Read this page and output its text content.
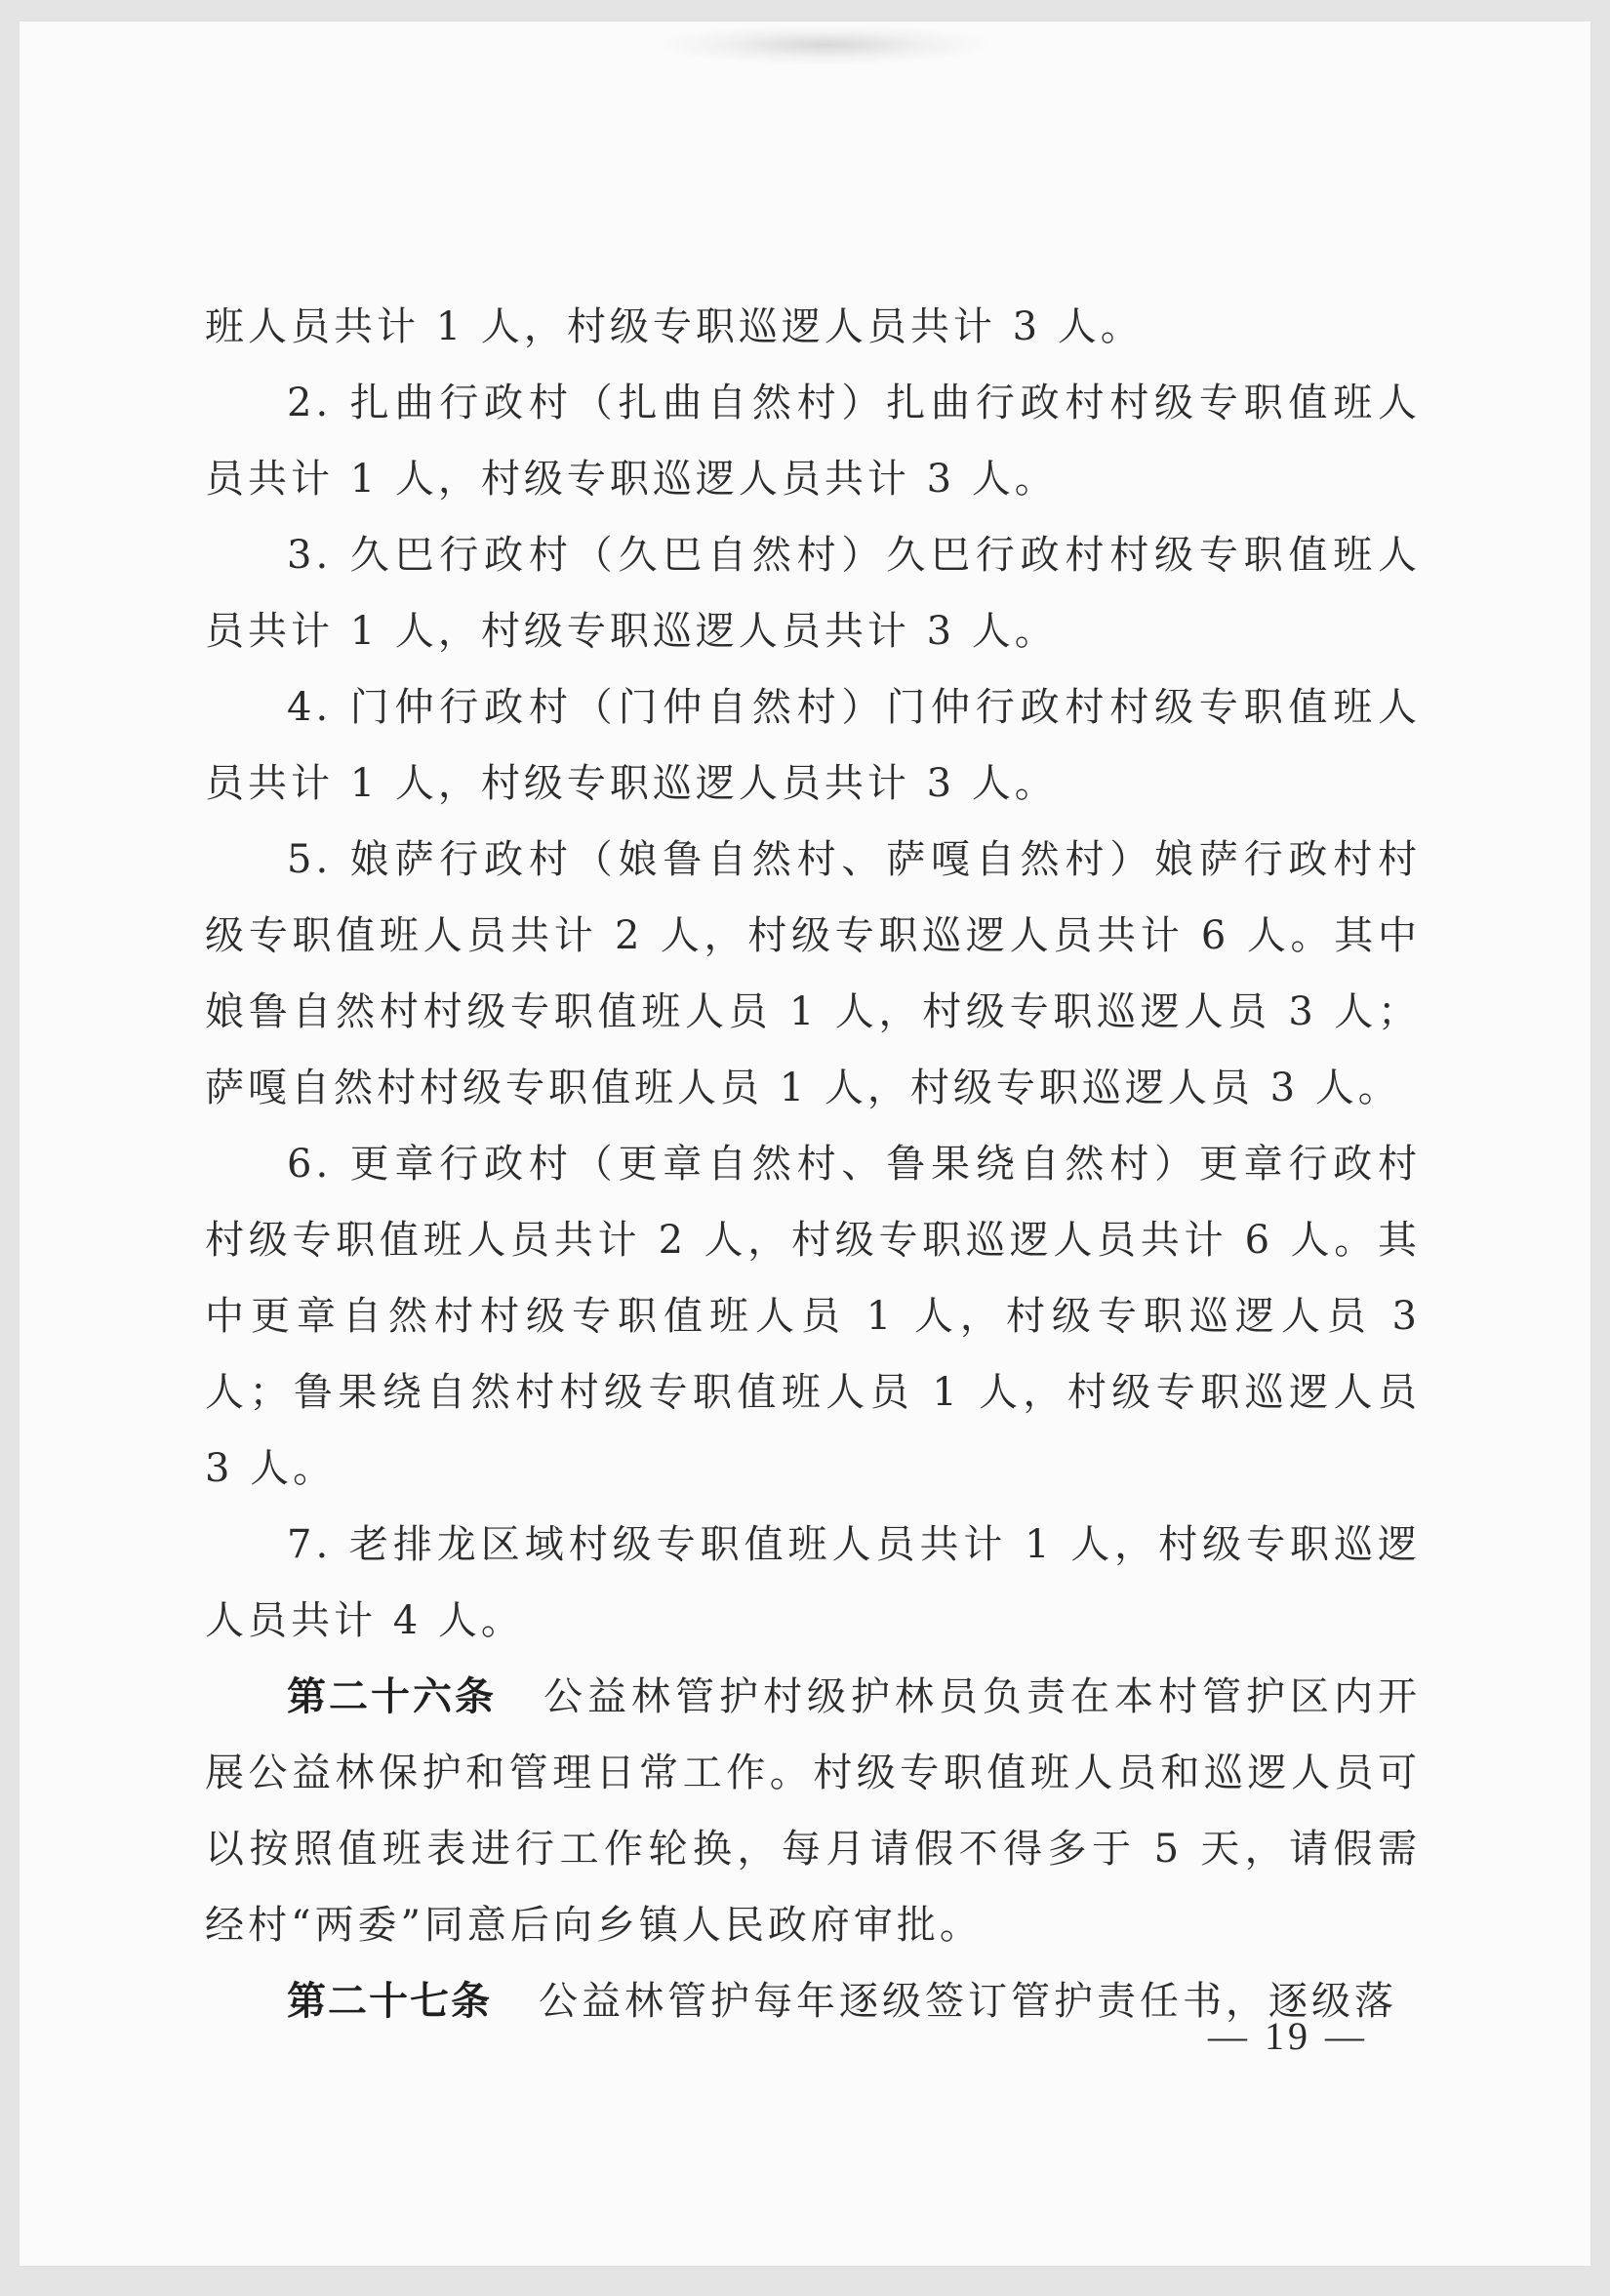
班人员共计 1 人，村级专职巡逻人员共计 3 人。

2. 扎曲行政村（扎曲自然村）扎曲行政村村级专职值班人员共计 1 人，村级专职巡逻人员共计 3 人。

3. 久巴行政村（久巴自然村）久巴行政村村级专职值班人员共计 1 人，村级专职巡逻人员共计 3 人。

4. 门仲行政村（门仲自然村）门仲行政村村级专职值班人员共计 1 人，村级专职巡逻人员共计 3 人。

5. 娘萨行政村（娘鲁自然村、萨嘎自然村）娘萨行政村村级专职值班人员共计 2 人，村级专职巡逻人员共计 6 人。其中娘鲁自然村村级专职值班人员 1 人，村级专职巡逻人员 3 人；萨嘎自然村村级专职值班人员 1 人，村级专职巡逻人员 3 人。

6. 更章行政村（更章自然村、鲁果绕自然村）更章行政村村级专职值班人员共计 2 人，村级专职巡逻人员共计 6 人。其中更章自然村村级专职值班人员 1 人，村级专职巡逻人员 3 人；鲁果绕自然村村级专职值班人员 1 人，村级专职巡逻人员 3 人。

7. 老排龙区域村级专职值班人员共计 1 人，村级专职巡逻人员共计 4 人。

第二十六条 公益林管护村级护林员负责在本村管护区内开展公益林保护和管理日常工作。村级专职值班人员和巡逻人员可以按照值班表进行工作轮换，每月请假不得多于 5 天，请假需经村“两委”同意后向乡镇人民政府审批。

第二十七条 公益林管护每年逐级签订管护责任书，逐级落

— 19 —
